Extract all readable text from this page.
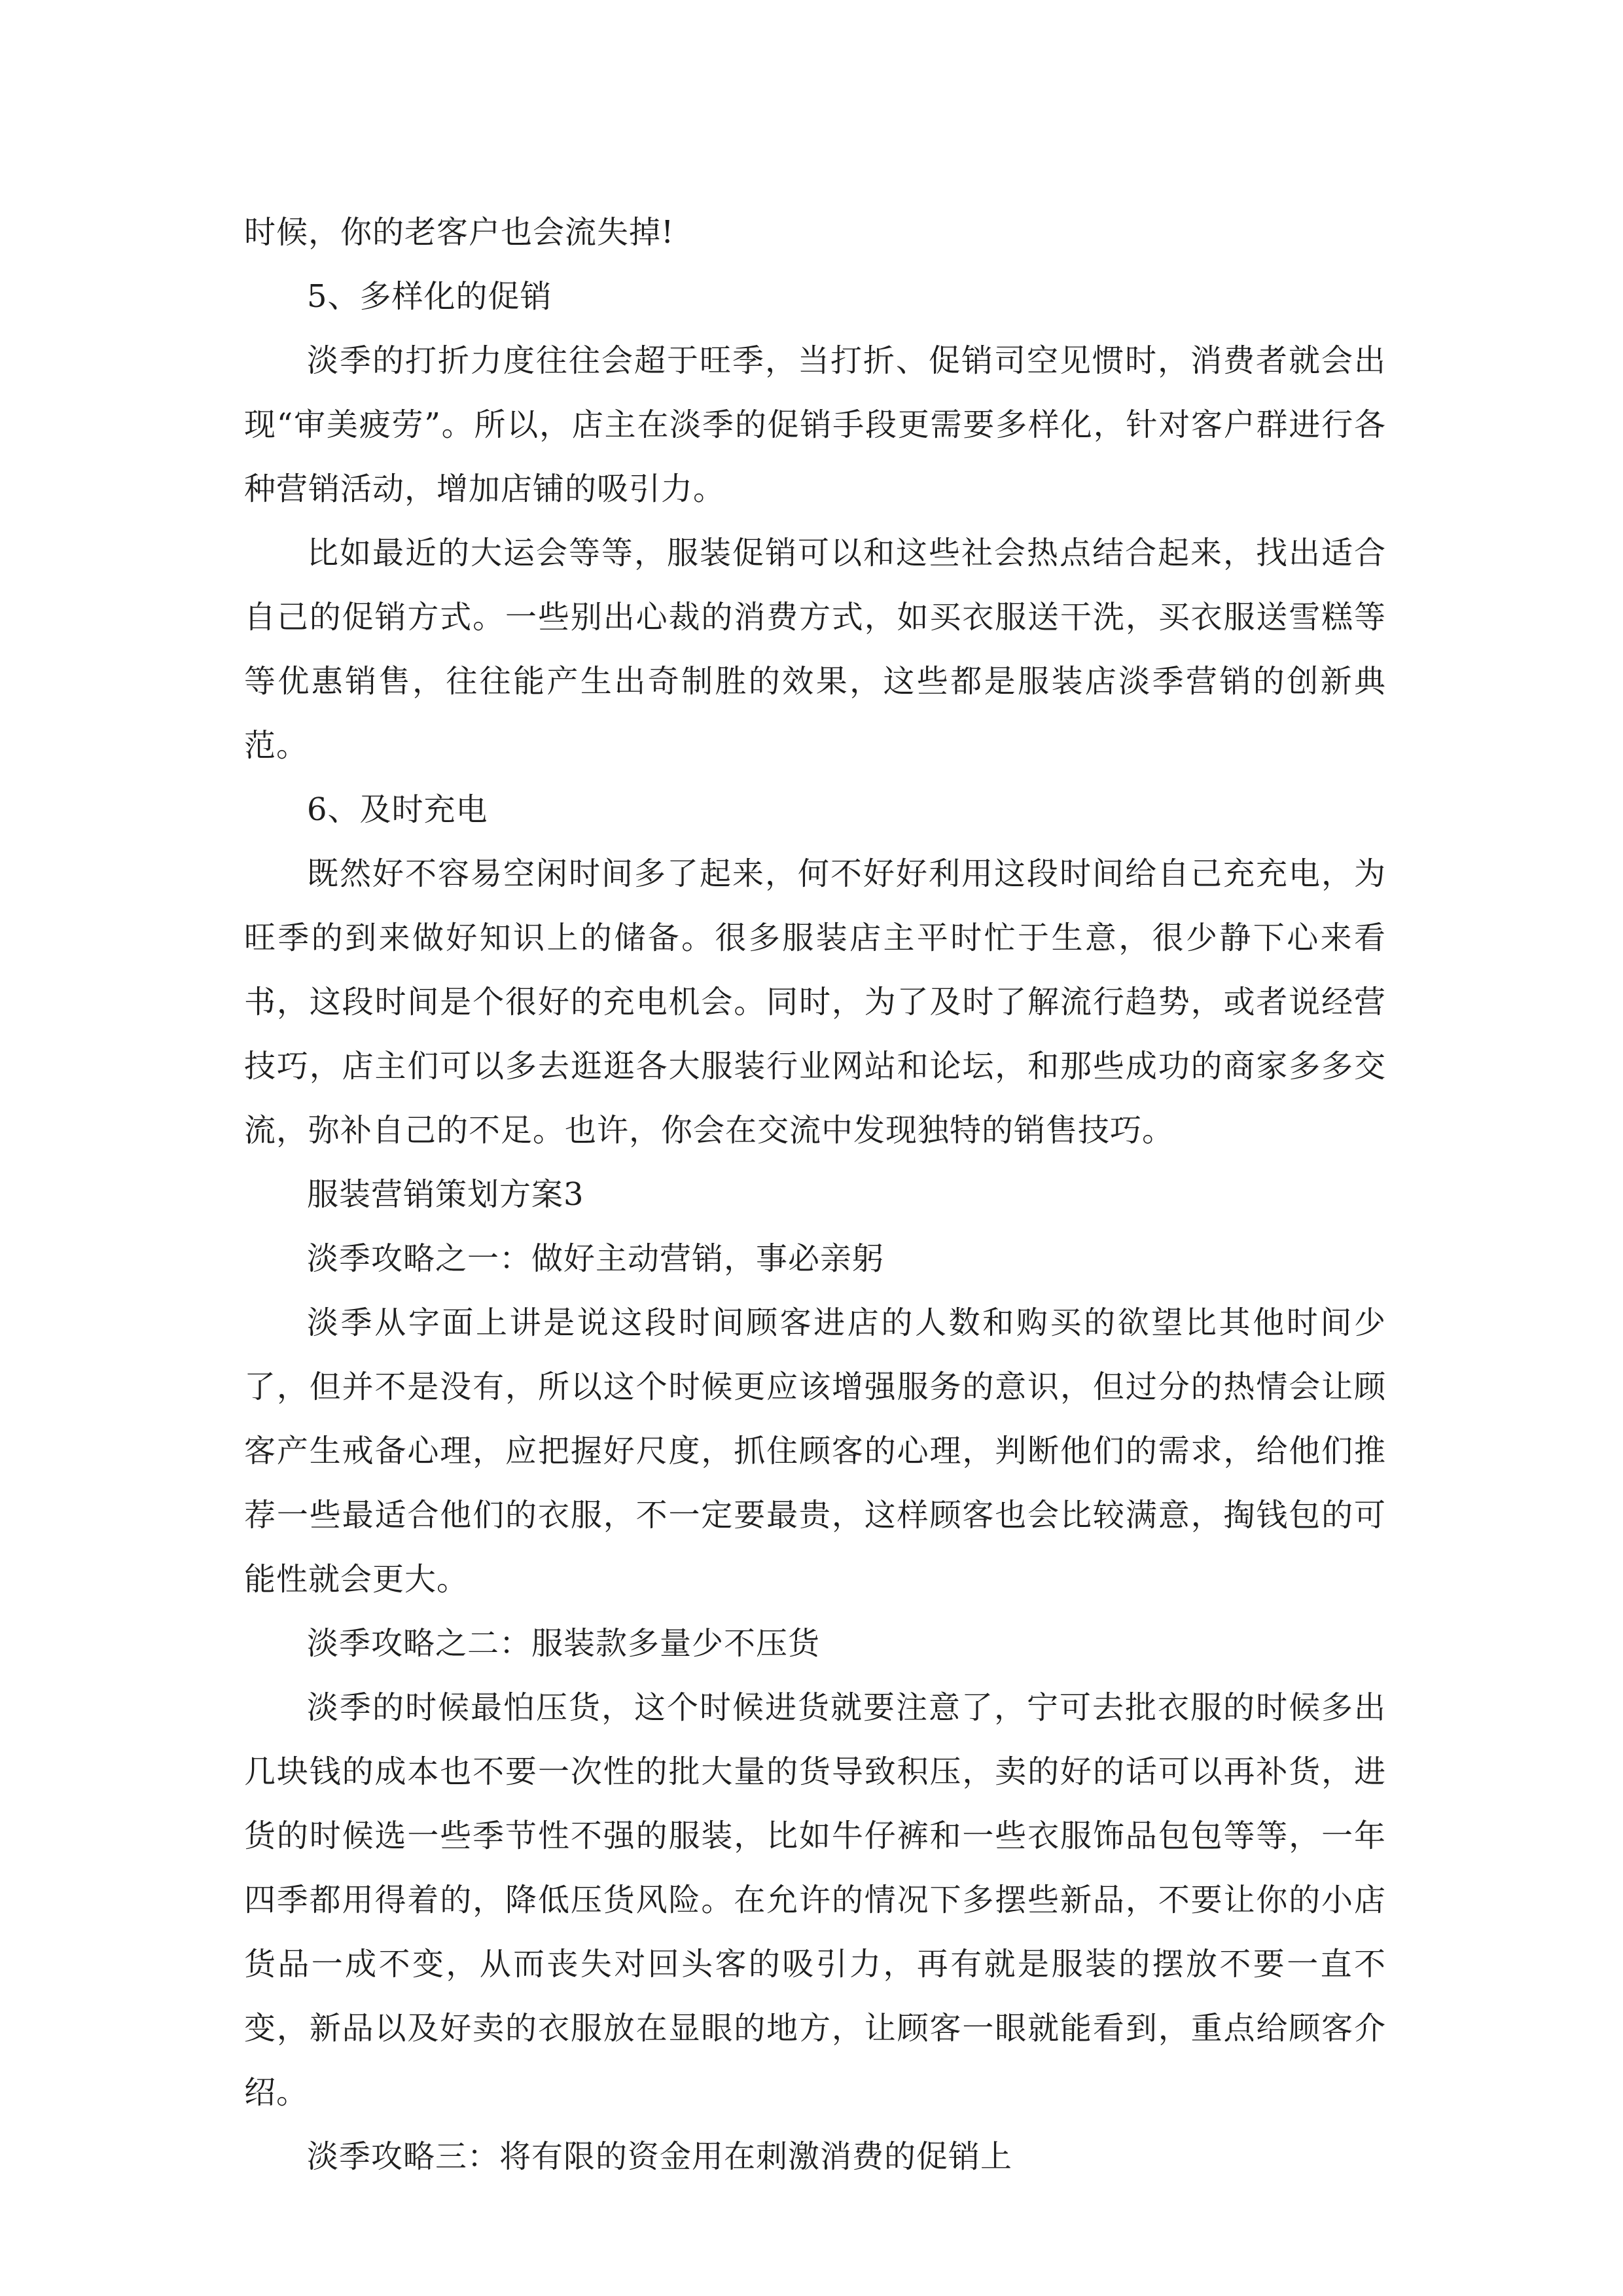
时候，你的老客户也会流失掉!

5、多样化的促销

淡季的打折力度往往会超于旺季，当打折、促销司空见惯时，消费者就会出现“审美疲劳”。所以，店主在淡季的促销手段更需要多样化，针对客户群进行各种营销活动，增加店铺的吸引力。

比如最近的大运会等等，服装促销可以和这些社会热点结合起来，找出适合自己的促销方式。一些别出心裁的消费方式，如买衣服送干洗，买衣服送雪糕等等优惠销售，往往能产生出奇制胜的效果，这些都是服装店淡季营销的创新典范。

6、及时充电

既然好不容易空闲时间多了起来，何不好好利用这段时间给自己充充电，为旺季的到来做好知识上的储备。很多服装店主平时忙于生意，很少静下心来看书，这段时间是个很好的充电机会。同时，为了及时了解流行趋势，或者说经营技巧，店主们可以多去逛逛各大服装行业网站和论坛，和那些成功的商家多多交流，弥补自己的不足。也许，你会在交流中发现独特的销售技巧。

服装营销策划方案3

淡季攻略之一：做好主动营销，事必亲躬

淡季从字面上讲是说这段时间顾客进店的人数和购买的欲望比其他时间少了，但并不是没有，所以这个时候更应该增强服务的意识，但过分的热情会让顾客产生戒备心理，应把握好尺度，抓住顾客的心理，判断他们的需求，给他们推荐一些最适合他们的衣服，不一定要最贵，这样顾客也会比较满意，掏钱包的可能性就会更大。

淡季攻略之二：服装款多量少不压货

淡季的时候最怕压货，这个时候进货就要注意了，宁可去批衣服的时候多出几块钱的成本也不要一次性的批大量的货导致积压，卖的好的话可以再补货，进货的时候选一些季节性不强的服装，比如牛仔裤和一些衣服饰品包包等等，一年四季都用得着的，降低压货风险。在允许的情况下多摆些新品，不要让你的小店货品一成不变，从而丧失对回头客的吸引力，再有就是服装的摆放不要一直不变，新品以及好卖的衣服放在显眼的地方，让顾客一眼就能看到，重点给顾客介绍。

淡季攻略三：将有限的资金用在刺激消费的促销上
